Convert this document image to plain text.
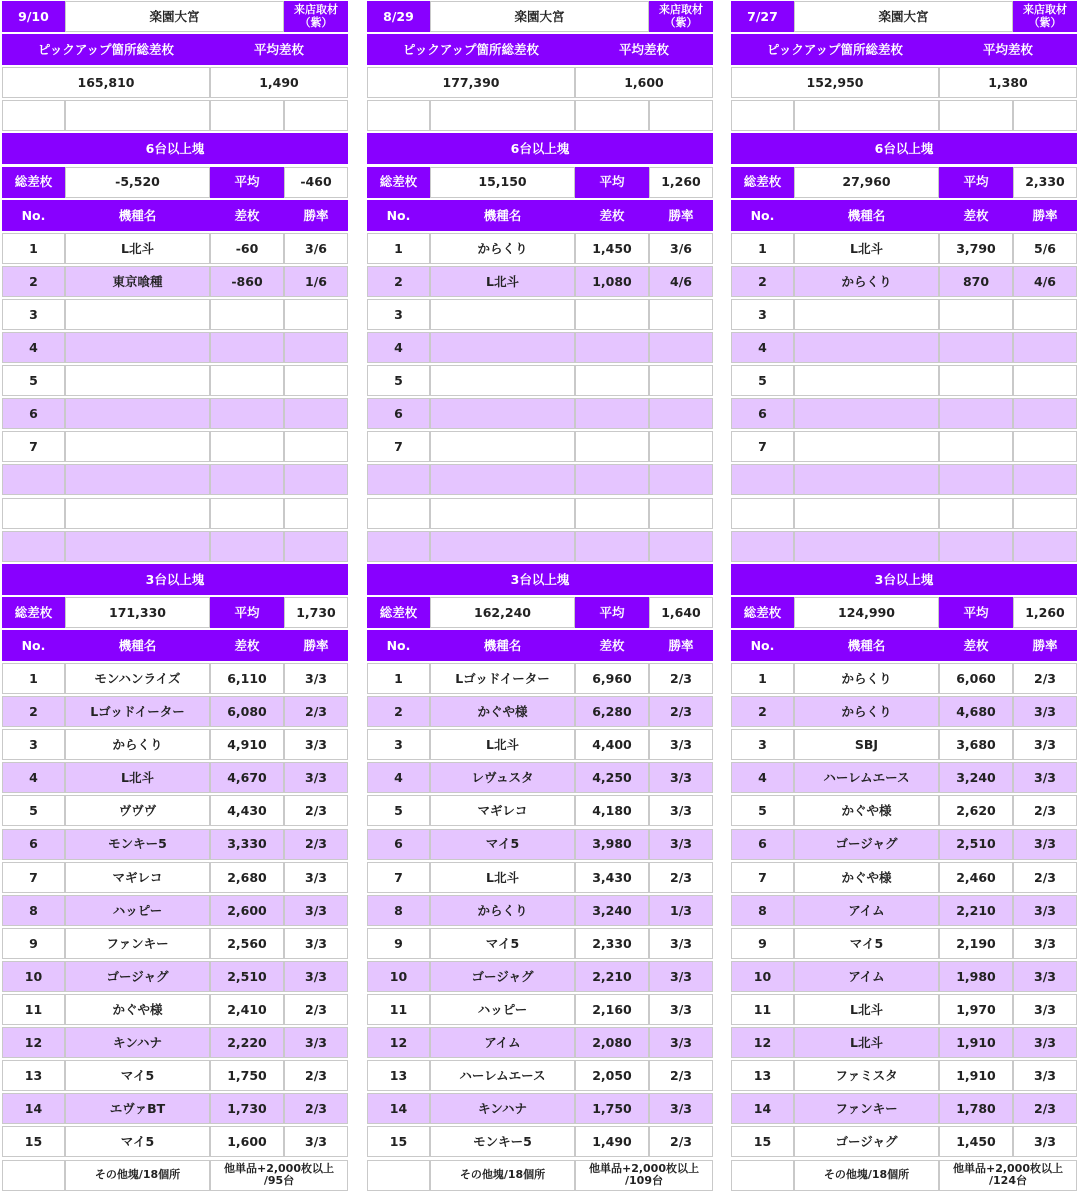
9/10	楽園大宮	来店取材
（紫）
ピックアップ箇所総差枚	平均差枚
165,810	1,490
6台以上塊
総差枚	-5,520	平均	-460
No.	機種名	差枚	勝率
1	L北斗	-60	3/6
2	東京喰種	-860	1/6
3
4
5
6
7
3台以上塊
総差枚	171,330	平均	1,730
No.	機種名	差枚	勝率
1	モンハンライズ	6,110	3/3
2	Lゴッドイーター	6,080	2/3
3	からくり	4,910	3/3
4	L北斗	4,670	3/3
5	ヴヴヴ	4,430	2/3
6	モンキー5	3,330	2/3
7	マギレコ	2,680	3/3
8	ハッピー	2,600	3/3
9	ファンキー	2,560	3/3
10	ゴージャグ	2,510	3/3
11	かぐや様	2,410	2/3
12	キンハナ	2,220	3/3
13	マイ5	1,750	2/3
14	エヴァBT	1,730	2/3
15	マイ5	1,600	3/3
その他塊/18個所	他単品+2,000枚以上
/95台
8/29	楽園大宮	来店取材
（紫）
ピックアップ箇所総差枚	平均差枚
177,390	1,600
6台以上塊
総差枚	15,150	平均	1,260
No.	機種名	差枚	勝率
1	からくり	1,450	3/6
2	L北斗	1,080	4/6
3
4
5
6
7
3台以上塊
総差枚	162,240	平均	1,640
No.	機種名	差枚	勝率
1	Lゴッドイーター	6,960	2/3
2	かぐや様	6,280	2/3
3	L北斗	4,400	3/3
4	レヴュスタ	4,250	3/3
5	マギレコ	4,180	3/3
6	マイ5	3,980	3/3
7	L北斗	3,430	2/3
8	からくり	3,240	1/3
9	マイ5	2,330	3/3
10	ゴージャグ	2,210	3/3
11	ハッピー	2,160	3/3
12	アイム	2,080	3/3
13	ハーレムエース	2,050	2/3
14	キンハナ	1,750	3/3
15	モンキー5	1,490	2/3
その他塊/18個所	他単品+2,000枚以上
/109台
7/27	楽園大宮	来店取材
（紫）
ピックアップ箇所総差枚	平均差枚
152,950	1,380
6台以上塊
総差枚	27,960	平均	2,330
No.	機種名	差枚	勝率
1	L北斗	3,790	5/6
2	からくり	870	4/6
3
4
5
6
7
3台以上塊
総差枚	124,990	平均	1,260
No.	機種名	差枚	勝率
1	からくり	6,060	2/3
2	からくり	4,680	3/3
3	SBJ	3,680	3/3
4	ハーレムエース	3,240	3/3
5	かぐや様	2,620	2/3
6	ゴージャグ	2,510	3/3
7	かぐや様	2,460	2/3
8	アイム	2,210	3/3
9	マイ5	2,190	3/3
10	アイム	1,980	3/3
11	L北斗	1,970	3/3
12	L北斗	1,910	3/3
13	ファミスタ	1,910	3/3
14	ファンキー	1,780	2/3
15	ゴージャグ	1,450	3/3
その他塊/18個所	他単品+2,000枚以上
/124台
